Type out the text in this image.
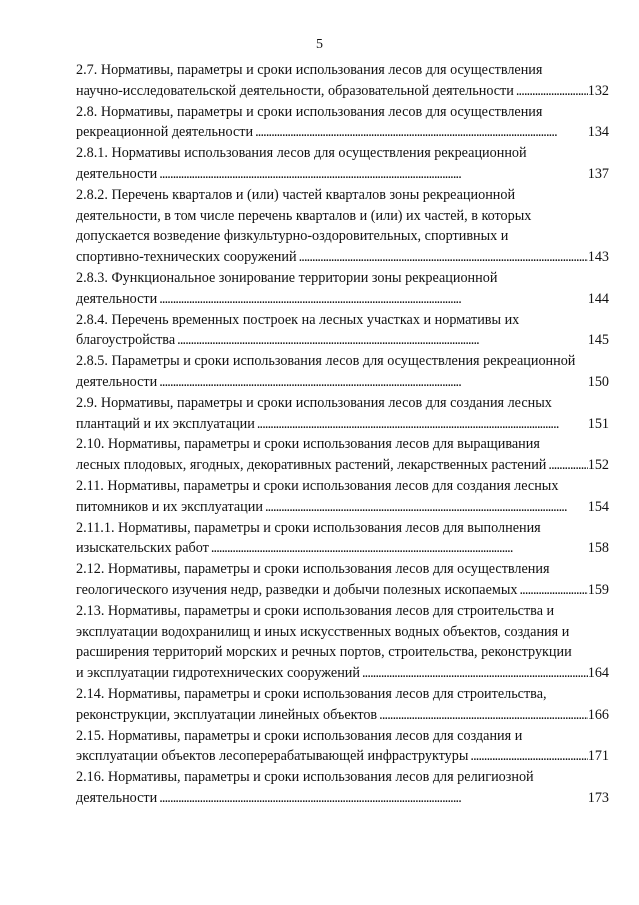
5
2.7. Нормативы, параметры и сроки использования лесов для осуществления
научно-исследовательской деятельности, образовательной деятельности . . .	132
2.8. Нормативы, параметры и сроки использования лесов для осуществления
рекреационной деятельности . . .	134
2.8.1. Нормативы использования лесов для осуществления рекреационной
деятельности . . .	137
2.8.2. Перечень кварталов и (или) частей кварталов зоны рекреационной
деятельности, в том числе перечень кварталов и (или) их частей, в которых
допускается возведение физкультурно-оздоровительных, спортивных и
спортивно-технических сооружений . . .	143
2.8.3. Функциональное зонирование территории зоны рекреационной
деятельности . . .	144
2.8.4. Перечень временных построек на лесных участках и нормативы их
благоустройства . . .	145
2.8.5. Параметры и сроки использования лесов для осуществления рекреационной
деятельности . . .	150
2.9. Нормативы, параметры и сроки использования лесов для создания лесных
плантаций и их эксплуатации . . .	151
2.10. Нормативы, параметры и сроки использования лесов для выращивания
лесных плодовых, ягодных, декоративных растений, лекарственных растений . . .	152
2.11. Нормативы, параметры и сроки использования лесов для создания лесных
питомников и их эксплуатации . . .	154
2.11.1. Нормативы, параметры и сроки использования лесов для выполнения
изыскательских работ . . .	158
2.12. Нормативы, параметры и сроки использования лесов для осуществления
геологического изучения недр, разведки и добычи полезных ископаемых . . .	159
2.13. Нормативы, параметры и сроки использования лесов для строительства и
эксплуатации водохранилищ и иных искусственных водных объектов, создания и
расширения территорий морских и речных портов, строительства, реконструкции
и эксплуатации гидротехнических сооружений . . .	164
2.14. Нормативы, параметры и сроки использования лесов для строительства,
реконструкции, эксплуатации линейных объектов . . .	166
2.15. Нормативы, параметры и сроки использования лесов для создания и
эксплуатации объектов лесоперерабатывающей инфраструктуры . . .	171
2.16. Нормативы, параметры и сроки использования лесов для религиозной
деятельности . . .	173
